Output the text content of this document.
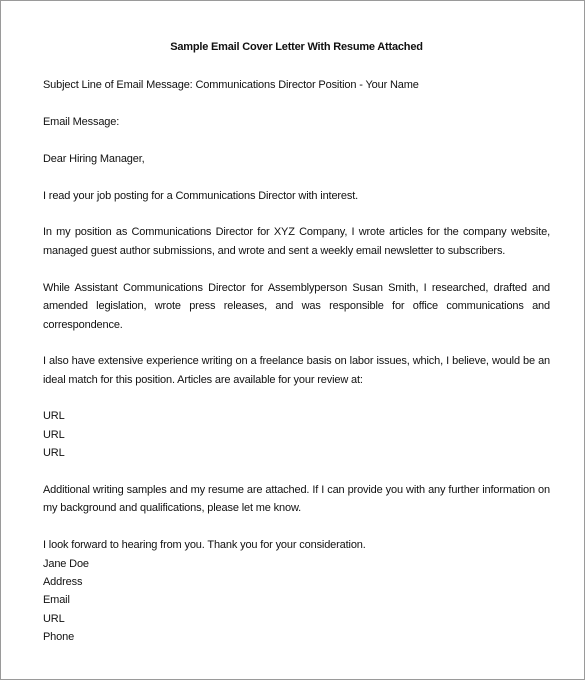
Sample Email Cover Letter With Resume Attached
Subject Line of Email Message: Communications Director Position - Your Name
Email Message:
Dear Hiring Manager,
I read your job posting for a Communications Director with interest.
In my position as Communications Director for XYZ Company, I wrote articles for the company website,
managed guest author submissions, and wrote and sent a weekly email newsletter to subscribers.
While Assistant Communications Director for Assemblyperson Susan Smith, I researched, drafted and
amended legislation, wrote press releases, and was responsible for office communications and
correspondence.
I also have extensive experience writing on a freelance basis on labor issues, which, I believe, would be an
ideal match for this position. Articles are available for your review at:
URL
URL
URL
Additional writing samples and my resume are attached. If I can provide you with any further information on
my background and qualifications, please let me know.
I look forward to hearing from you. Thank you for your consideration.
Jane Doe
Address
Email
URL
Phone
